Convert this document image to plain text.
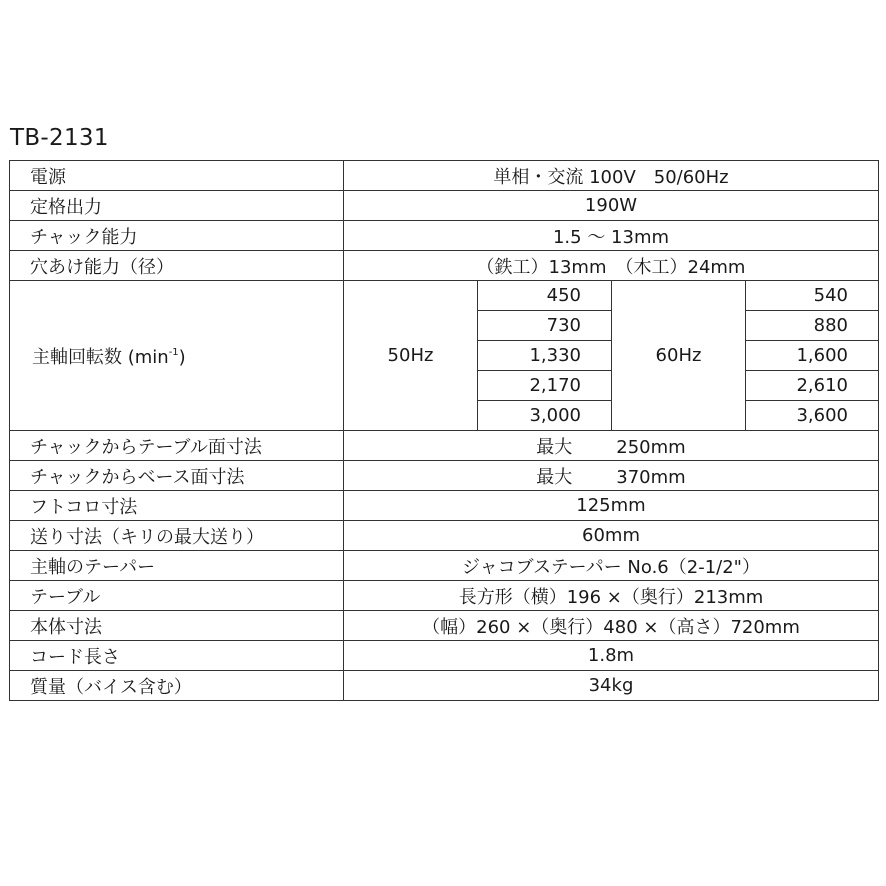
TB-2131
電源	単相・交流 100V　50/60Hz			
定格出力	190W			
チャック能力	1.5 〜 13mm			
穴あけ能力（径）	（鉄工）13mm　（木工）24mm			
主軸回転数 $(\min^{-1})$	50Hz	450	60Hz	540
		730		880
		1,330		1,600
		2,170		2,610
		3,000		3,600
チャックからテーブル面寸法	最大 250mm			
チャックからベース面寸法	最大 370mm			
フトコロ寸法	125mm			
送り寸法（キリの最大送り）	60mm			
主軸のテーパー	ジャコブステーパー No.6（2-1/2"）			
テーブル	長方形（横）196 ×（奥行）213mm			
本体寸法	（幅）260 ×（奥行）480 ×（高さ）720mm			
コード長さ	1.8m			
質量（バイス含む）	34kg			
